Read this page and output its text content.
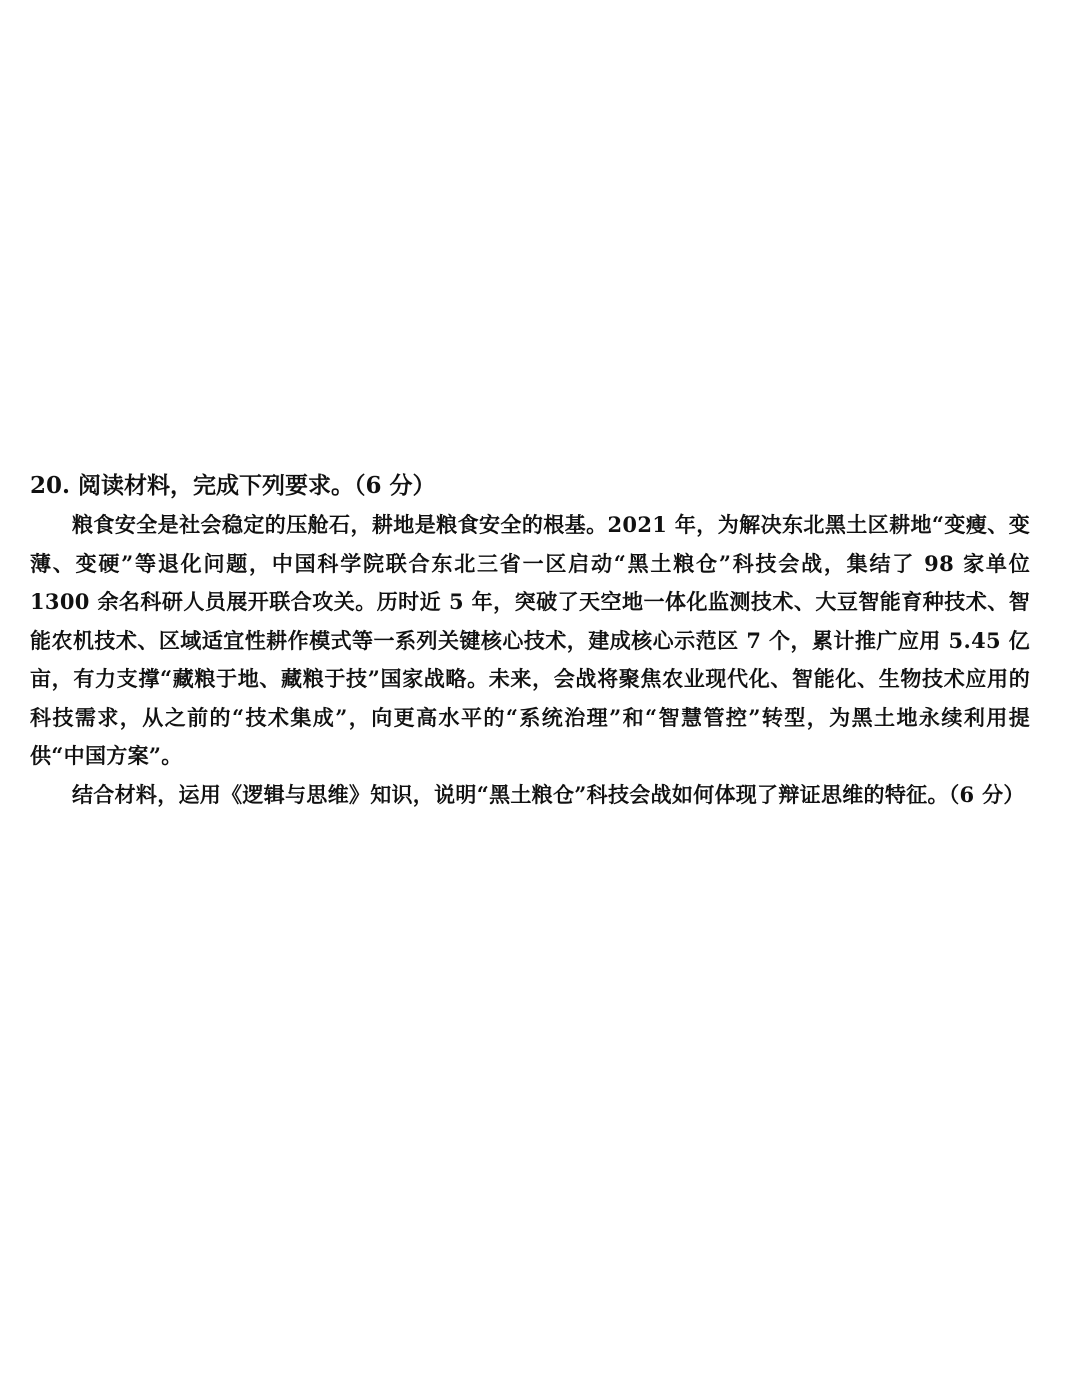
20. 阅读材料，完成下列要求。（6 分）

粮食安全是社会稳定的压舱石，耕地是粮食安全的根基。2021 年，为解决东北黑土区耕地“变瘦、变薄、变硬”等退化问题，中国科学院联合东北三省一区启动“黑土粮仓”科技会战，集结了 98 家单位 1300 余名科研人员展开联合攻关。历时近 5 年，突破了天空地一体化监测技术、大豆智能育种技术、智能农机技术、区域适宜性耕作模式等一系列关键核心技术，建成核心示范区 7 个，累计推广应用 5.45 亿亩，有力支撑“藏粮于地、藏粮于技”国家战略。未来，会战将聚焦农业现代化、智能化、生物技术应用的科技需求，从之前的“技术集成”，向更高水平的“系统治理”和“智慧管控”转型，为黑土地永续利用提供“中国方案”。

结合材料，运用《逻辑与思维》知识，说明“黑土粮仓”科技会战如何体现了辩证思维的特征。（6 分）
